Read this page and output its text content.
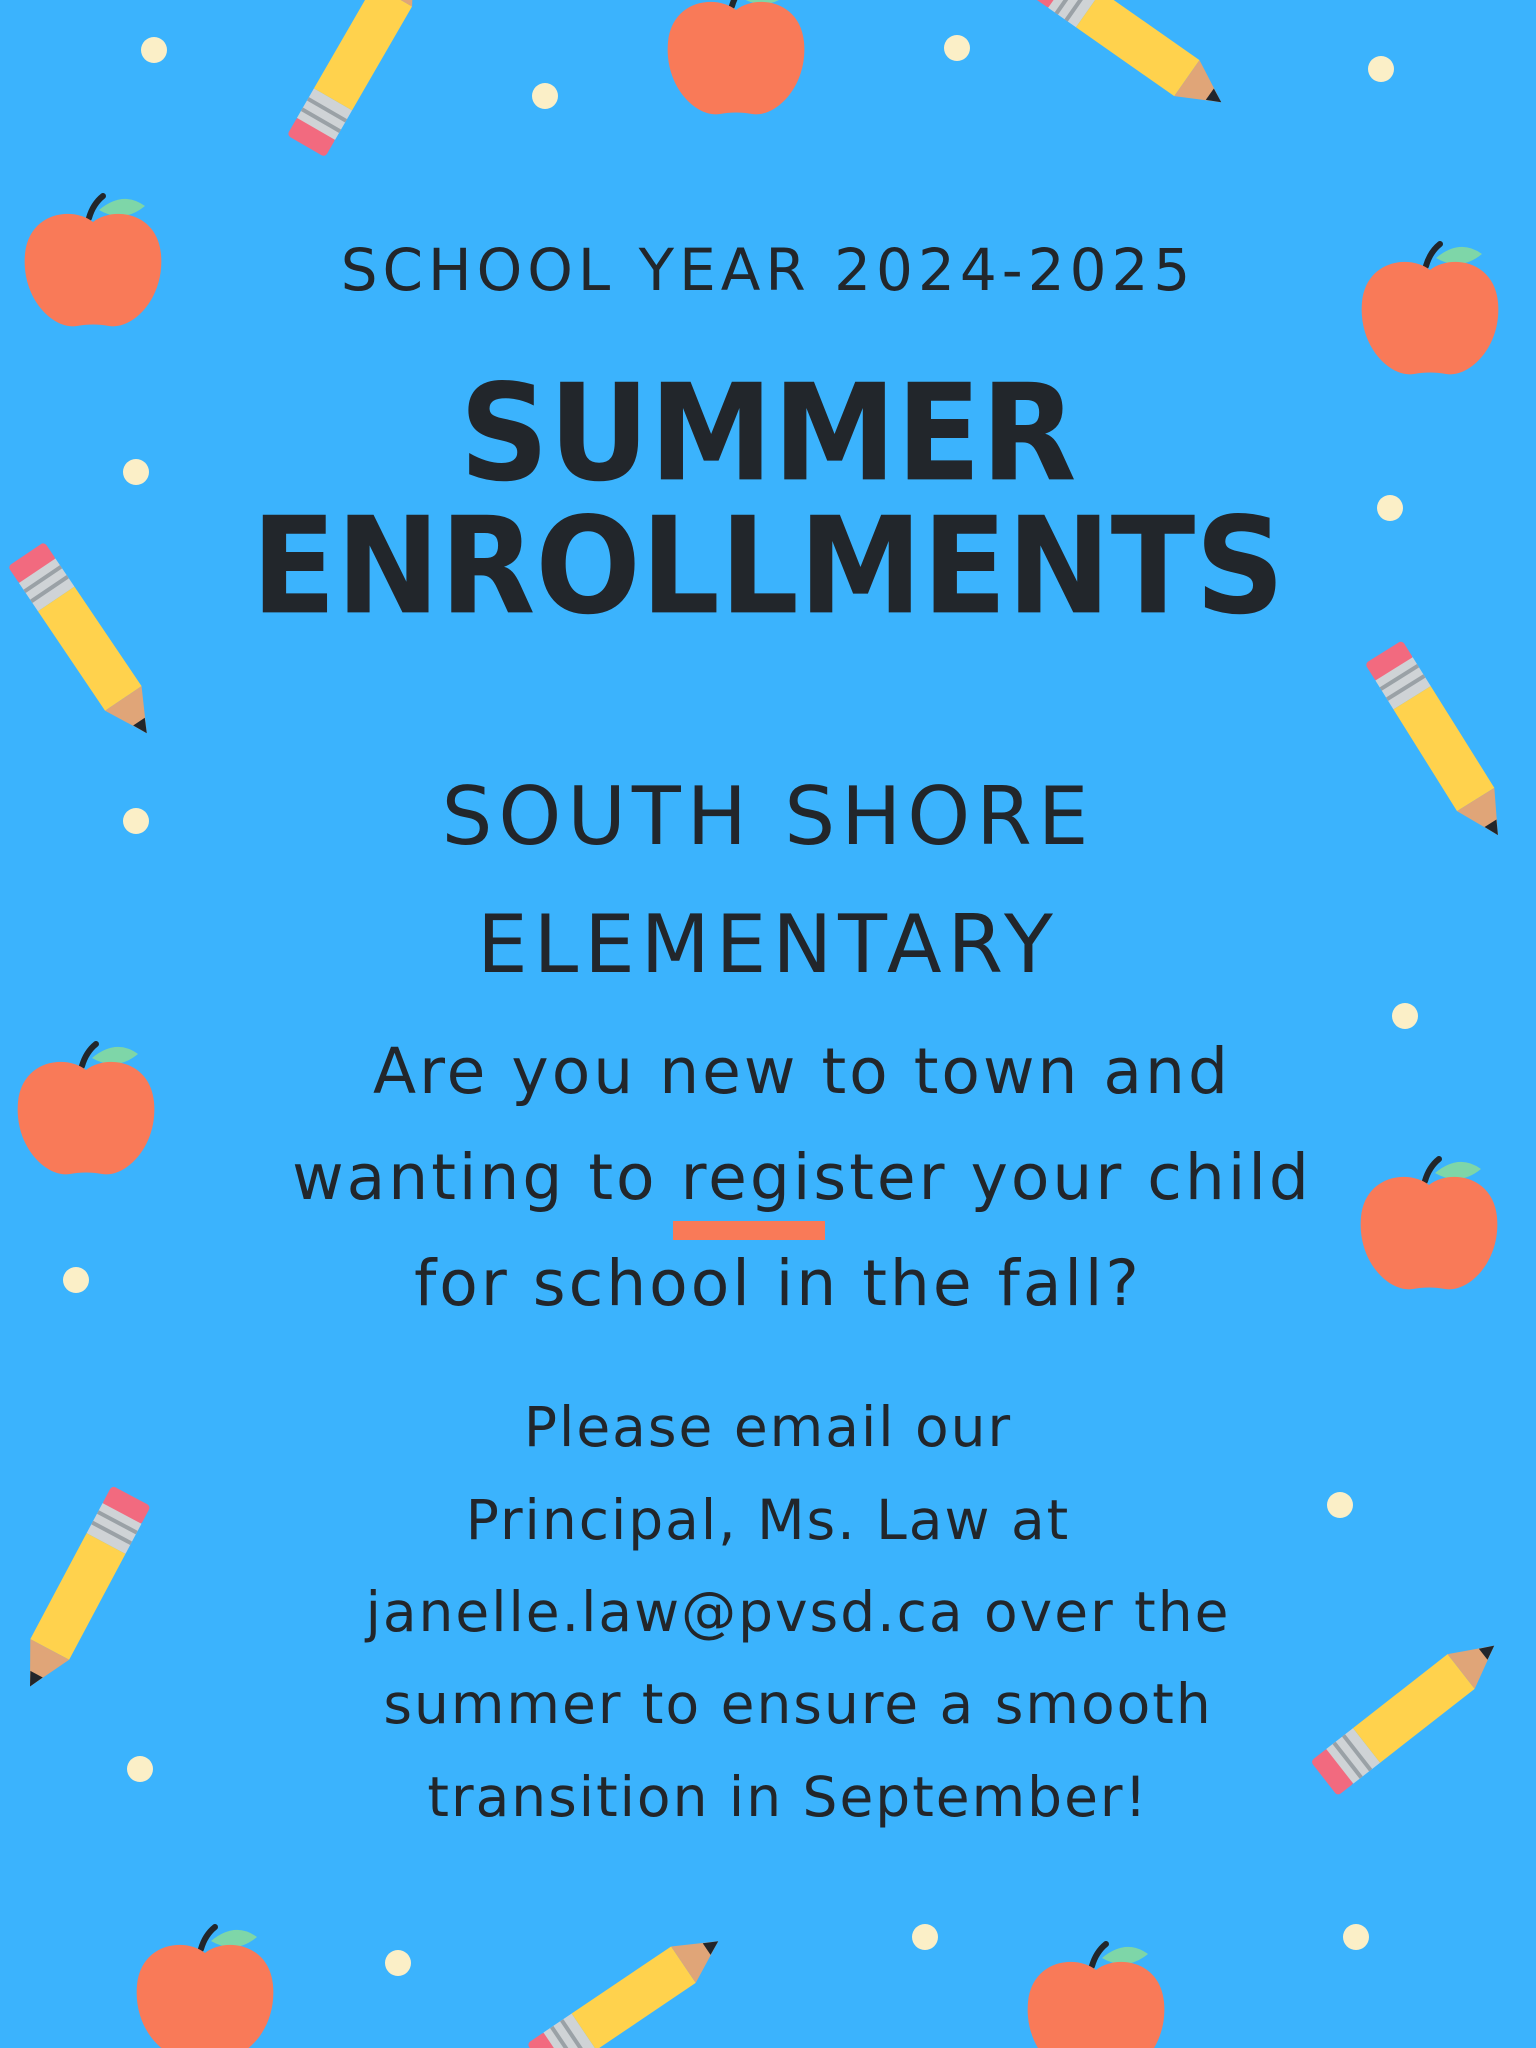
SCHOOL YEAR 2024-2025
SUMMER
ENROLLMENTS
SOUTH SHORE
ELEMENTARY
Are you new to town and
wanting to register your child
for school in the fall?
Please email our
Principal, Ms. Law at
janelle.law@pvsd.ca over the
summer to ensure a smooth
transition in September!
